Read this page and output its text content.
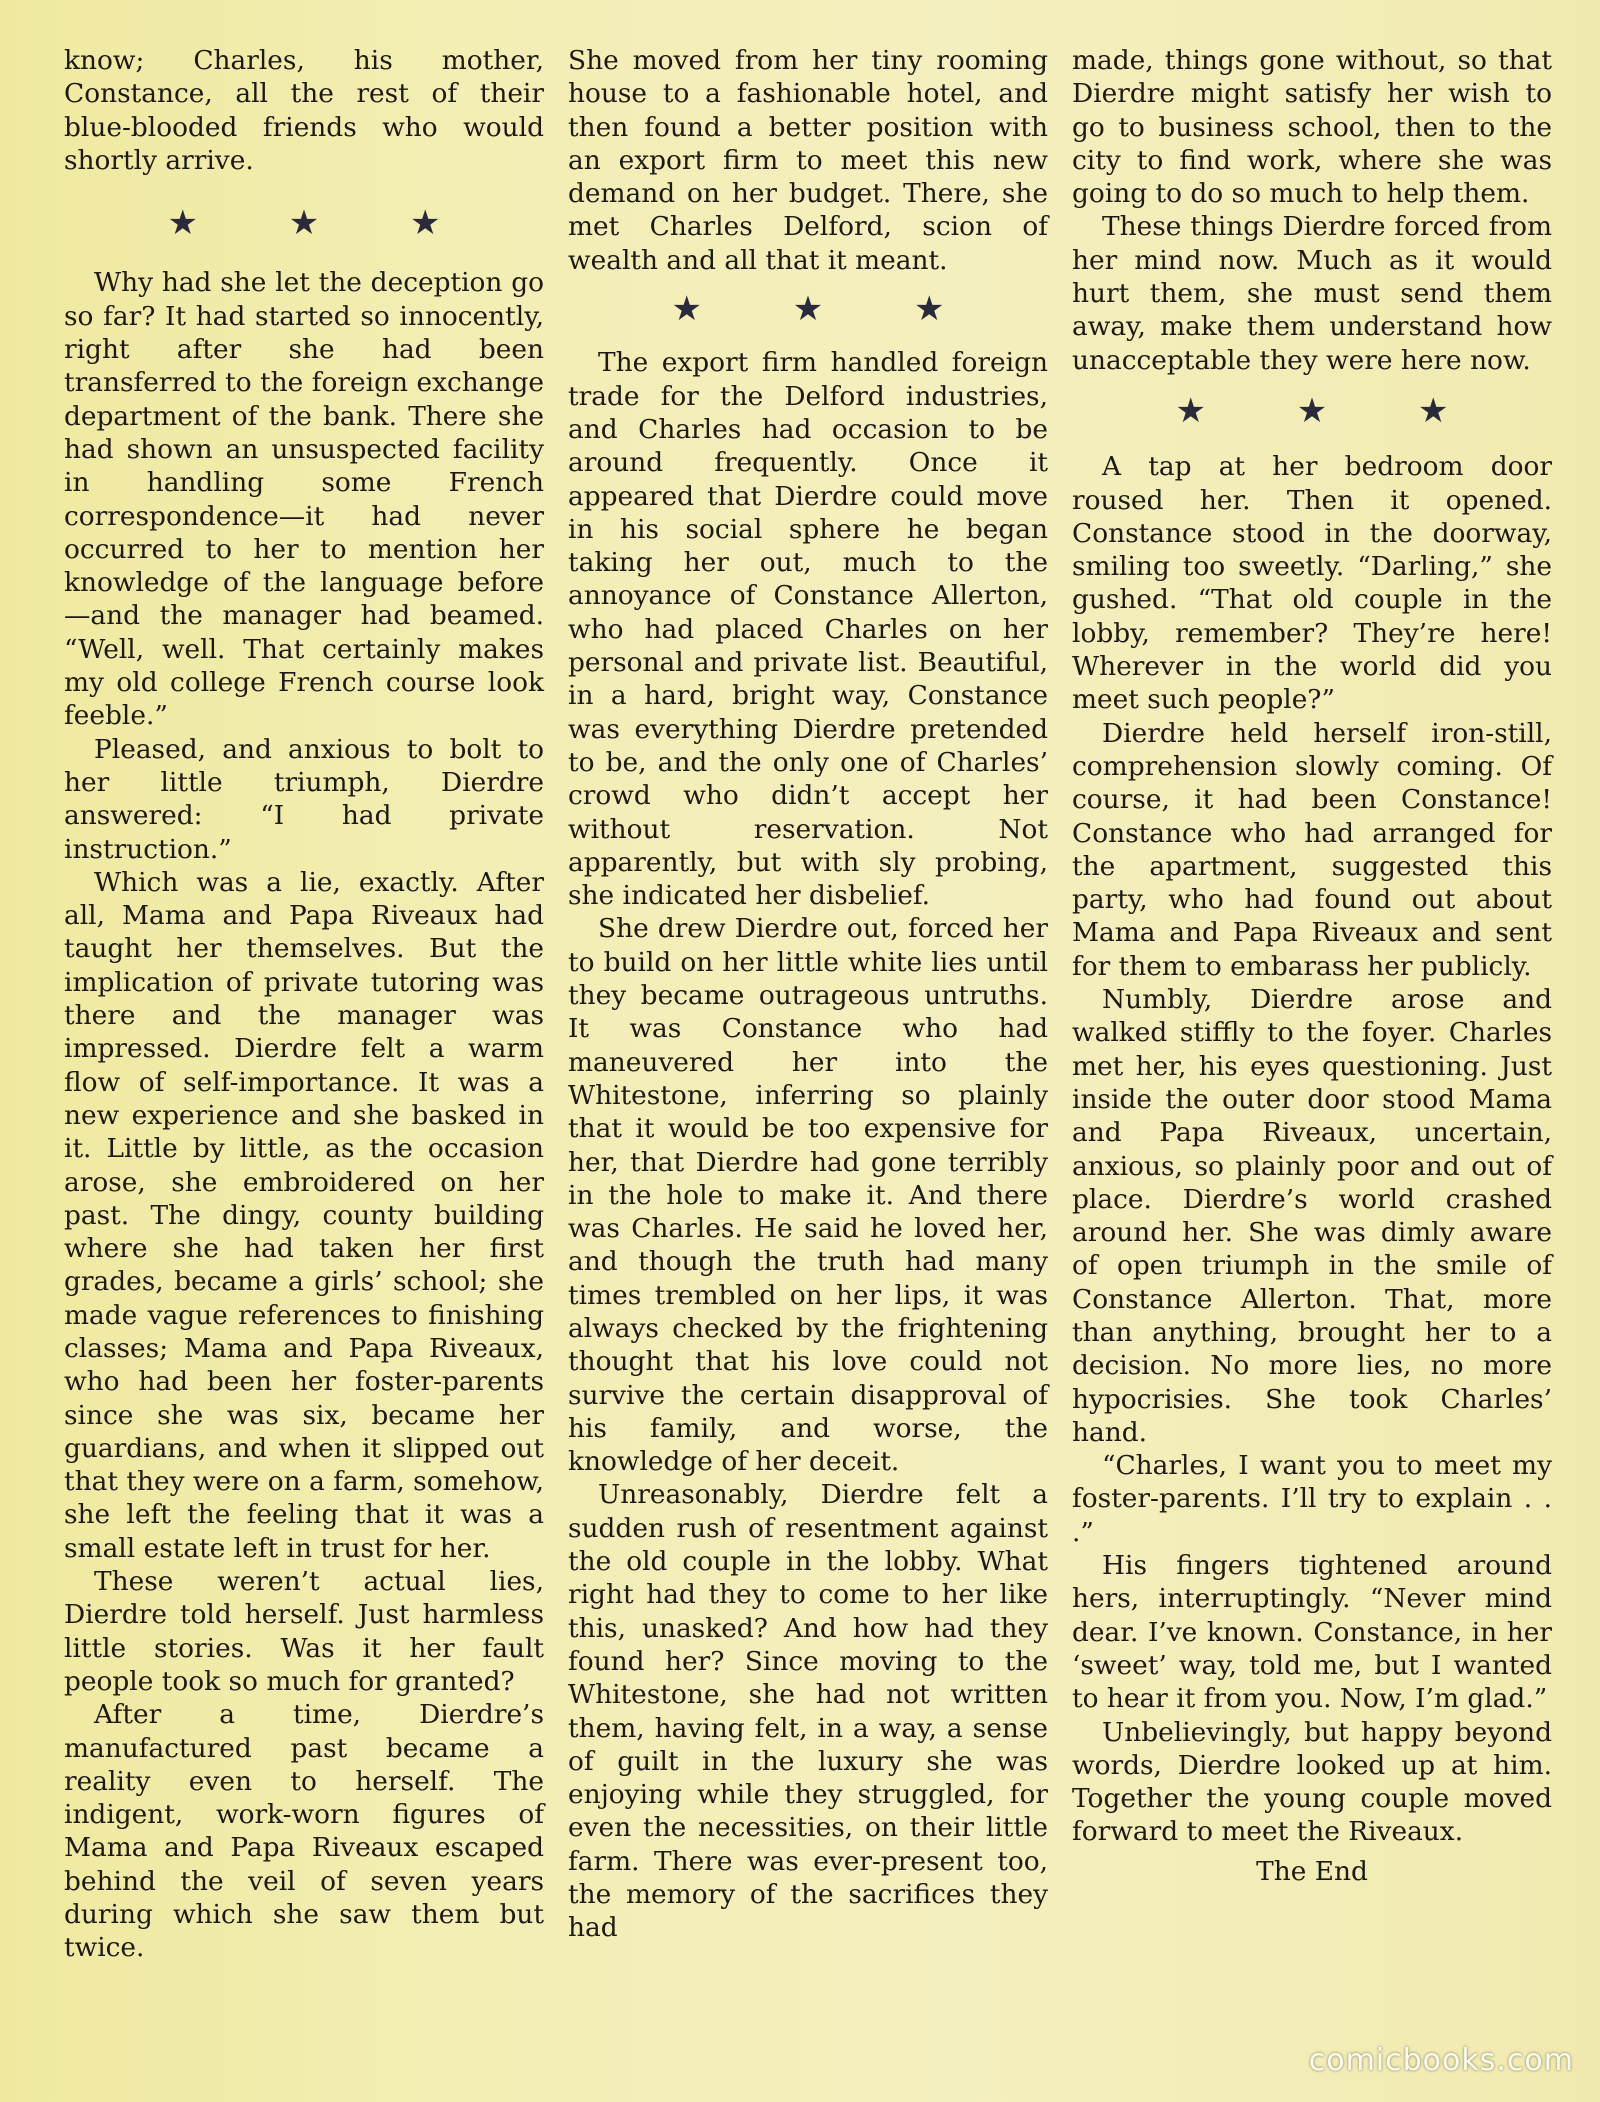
know; Charles, his mother, Constance, all the rest of their blue-blooded friends who would shortly arrive.

★ ★ ★

Why had she let the deception go so far? It had started so innocently, right after she had been transferred to the foreign exchange department of the bank. There she had shown an unsuspected facility in handling some French correspondence—it had never occurred to her to mention her knowledge of the language before—and the manager had beamed. “Well, well. That certainly makes my old college French course look feeble.”

Pleased, and anxious to bolt to her little triumph, Dierdre answered: “I had private instruction.”

Which was a lie, exactly. After all, Mama and Papa Riveaux had taught her themselves. But the implication of private tutoring was there and the manager was impressed. Dierdre felt a warm flow of self-importance. It was a new experience and she basked in it. Little by little, as the occasion arose, she embroidered on her past. The dingy, county building where she had taken her first grades, became a girls’ school; she made vague references to finishing classes; Mama and Papa Riveaux, who had been her foster-parents since she was six, became her guardians, and when it slipped out that they were on a farm, somehow, she left the feeling that it was a small estate left in trust for her.

These weren’t actual lies, Dierdre told herself. Just harmless little stories. Was it her fault people took so much for granted?

After a time, Dierdre’s manufactured past became a reality even to herself. The indigent, work-worn figures of Mama and Papa Riveaux escaped behind the veil of seven years during which she saw them but twice.

She moved from her tiny rooming house to a fashionable hotel, and then found a better position with an export firm to meet this new demand on her budget. There, she met Charles Delford, scion of wealth and all that it meant.

★ ★ ★

The export firm handled foreign trade for the Delford industries, and Charles had occasion to be around frequently. Once it appeared that Dierdre could move in his social sphere he began taking her out, much to the annoyance of Constance Allerton, who had placed Charles on her personal and private list. Beautiful, in a hard, bright way, Constance was everything Dierdre pretended to be, and the only one of Charles’ crowd who didn’t accept her without reservation. Not apparently, but with sly probing, she indicated her disbelief.

She drew Dierdre out, forced her to build on her little white lies until they became outrageous untruths. It was Constance who had maneuvered her into the Whitestone, inferring so plainly that it would be too expensive for her, that Dierdre had gone terribly in the hole to make it. And there was Charles. He said he loved her, and though the truth had many times trembled on her lips, it was always checked by the frightening thought that his love could not survive the certain disapproval of his family, and worse, the knowledge of her deceit.

Unreasonably, Dierdre felt a sudden rush of resentment against the old couple in the lobby. What right had they to come to her like this, unasked? And how had they found her? Since moving to the Whitestone, she had not written them, having felt, in a way, a sense of guilt in the luxury she was enjoying while they struggled, for even the necessities, on their little farm. There was ever-present too, the memory of the sacrifices they had

made, things gone without, so that Dierdre might satisfy her wish to go to business school, then to the city to find work, where she was going to do so much to help them.

These things Dierdre forced from her mind now. Much as it would hurt them, she must send them away, make them understand how unacceptable they were here now.

★ ★ ★

A tap at her bedroom door roused her. Then it opened. Constance stood in the doorway, smiling too sweetly. “Darling,” she gushed. “That old couple in the lobby, remember? They’re here! Wherever in the world did you meet such people?”

Dierdre held herself iron-still, comprehension slowly coming. Of course, it had been Constance! Constance who had arranged for the apartment, suggested this party, who had found out about Mama and Papa Riveaux and sent for them to embarass her publicly.

Numbly, Dierdre arose and walked stiffly to the foyer. Charles met her, his eyes questioning. Just inside the outer door stood Mama and Papa Riveaux, uncertain, anxious, so plainly poor and out of place. Dierdre’s world crashed around her. She was dimly aware of open triumph in the smile of Constance Allerton. That, more than anything, brought her to a decision. No more lies, no more hypocrisies. She took Charles’ hand.

“Charles, I want you to meet my foster-parents. I’ll try to explain . . .”

His fingers tightened around hers, interruptingly. “Never mind dear. I’ve known. Constance, in her ‘sweet’ way, told me, but I wanted to hear it from you. Now, I’m glad.”

Unbelievingly, but happy beyond words, Dierdre looked up at him. Together the young couple moved forward to meet the Riveaux.

The End
comicbooks.com
